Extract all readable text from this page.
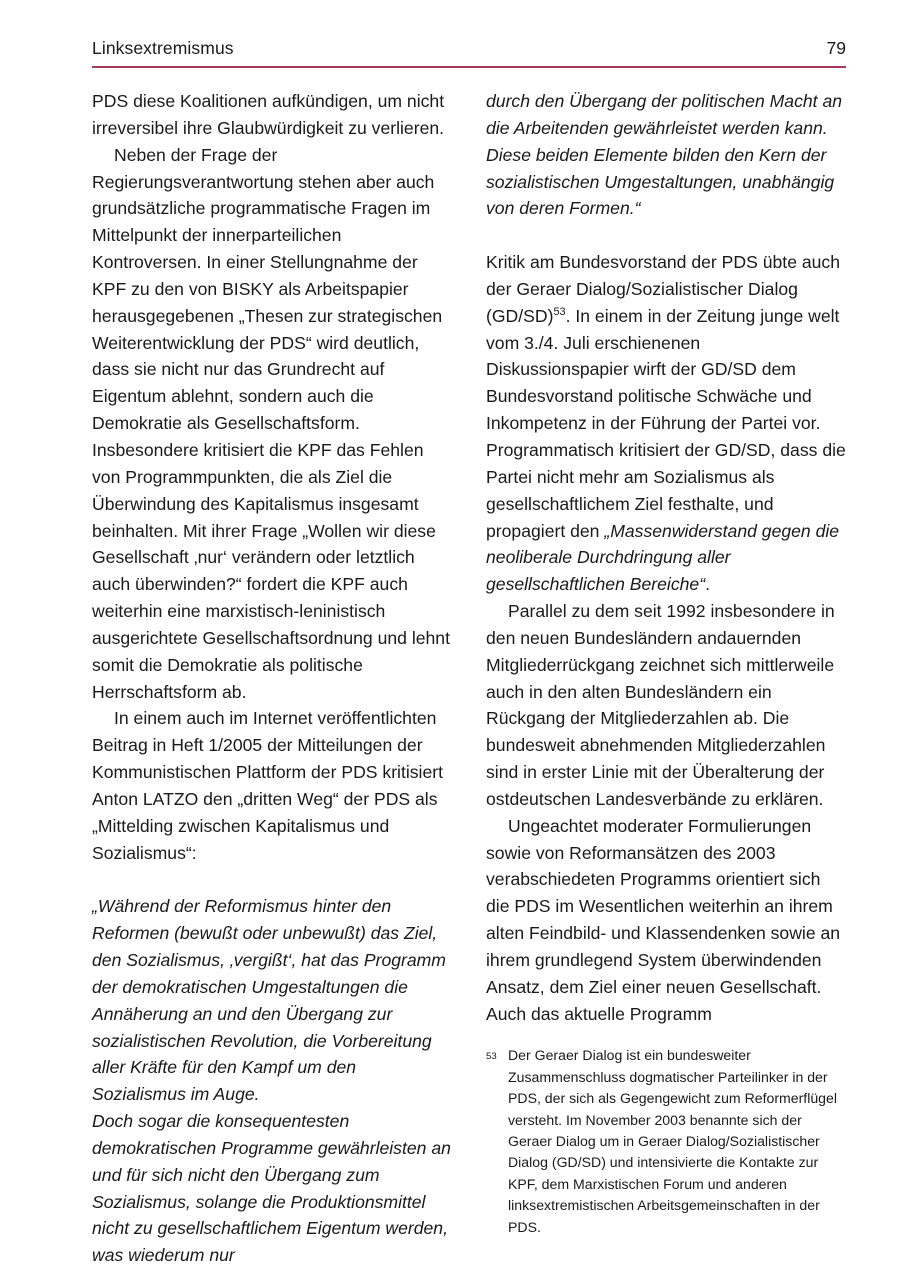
Linksextremismus	79

PDS diese Koalitionen aufkündigen, um nicht irreversibel ihre Glaubwürdigkeit zu verlieren.

Neben der Frage der Regierungsverantwortung stehen aber auch grundsätzliche programmatische Fragen im Mittelpunkt der innerparteilichen Kontroversen. In einer Stellungnahme der KPF zu den von BISKY als Arbeitspapier herausgegebenen „Thesen zur strategischen Weiterentwicklung der PDS“ wird deutlich, dass sie nicht nur das Grundrecht auf Eigentum ablehnt, sondern auch die Demokratie als Gesellschaftsform. Insbesondere kritisiert die KPF das Fehlen von Programmpunkten, die als Ziel die Überwindung des Kapitalismus insgesamt beinhalten. Mit ihrer Frage „Wollen wir diese Gesellschaft ‚nur‘ verändern oder letztlich auch überwinden?“ fordert die KPF auch weiterhin eine marxistisch-leninistisch ausgerichtete Gesellschaftsordnung und lehnt somit die Demokratie als politische Herrschaftsform ab.

In einem auch im Internet veröffentlichten Beitrag in Heft 1/2005 der Mitteilungen der Kommunistischen Plattform der PDS kritisiert Anton LATZO den „dritten Weg“ der PDS als „Mittelding zwischen Kapitalismus und Sozialismus“:

„Während der Reformismus hinter den Reformen (bewußt oder unbewußt) das Ziel, den Sozialismus, ‚vergißt‘, hat das Programm der demokratischen Umgestaltungen die Annäherung an und den Übergang zur sozialistischen Revolution, die Vorbereitung aller Kräfte für den Kampf um den Sozialismus im Auge.

Doch sogar die konsequentesten demokratischen Programme gewährleisten an und für sich nicht den Übergang zum Sozialismus, solange die Produktionsmittel nicht zu gesellschaftlichem Eigentum werden, was wiederum nur

durch den Übergang der politischen Macht an die Arbeitenden gewährleistet werden kann. Diese beiden Elemente bilden den Kern der sozialistischen Umgestaltungen, unabhängig von deren Formen.“

Kritik am Bundesvorstand der PDS übte auch der Geraer Dialog/Sozialistischer Dialog $(GD/SD)^{53}$. In einem in der Zeitung junge welt vom 3./4. Juli erschienenen Diskussionspapier wirft der GD/SD dem Bundesvorstand politische Schwäche und Inkompetenz in der Führung der Partei vor. Programmatisch kritisiert der GD/SD, dass die Partei nicht mehr am Sozialismus als gesellschaftlichem Ziel festhalte, und propagiert den „Massenwiderstand gegen die neoliberale Durchdringung aller gesellschaftlichen Bereiche“.

Parallel zu dem seit 1992 insbesondere in den neuen Bundesländern andauernden Mitgliederrückgang zeichnet sich mittlerweile auch in den alten Bundesländern ein Rückgang der Mitgliederzahlen ab. Die bundesweit abnehmenden Mitgliederzahlen sind in erster Linie mit der Überalterung der ostdeutschen Landesverbände zu erklären.

Ungeachtet moderater Formulierungen sowie von Reformansätzen des 2003 verabschiedeten Programms orientiert sich die PDS im Wesentlichen weiterhin an ihrem alten Feindbild- und Klassendenken sowie an ihrem grundlegend System überwindenden Ansatz, dem Ziel einer neuen Gesellschaft. Auch das aktuelle Programm

53 Der Geraer Dialog ist ein bundesweiter Zusammenschluss dogmatischer Parteilinker in der PDS, der sich als Gegengewicht zum Reformerflügel versteht. Im November 2003 benannte sich der Geraer Dialog um in Geraer Dialog/Sozialistischer Dialog (GD/SD) und intensivierte die Kontakte zur KPF, dem Marxistischen Forum und anderen linksextremistischen Arbeitsgemeinschaften in der PDS.
